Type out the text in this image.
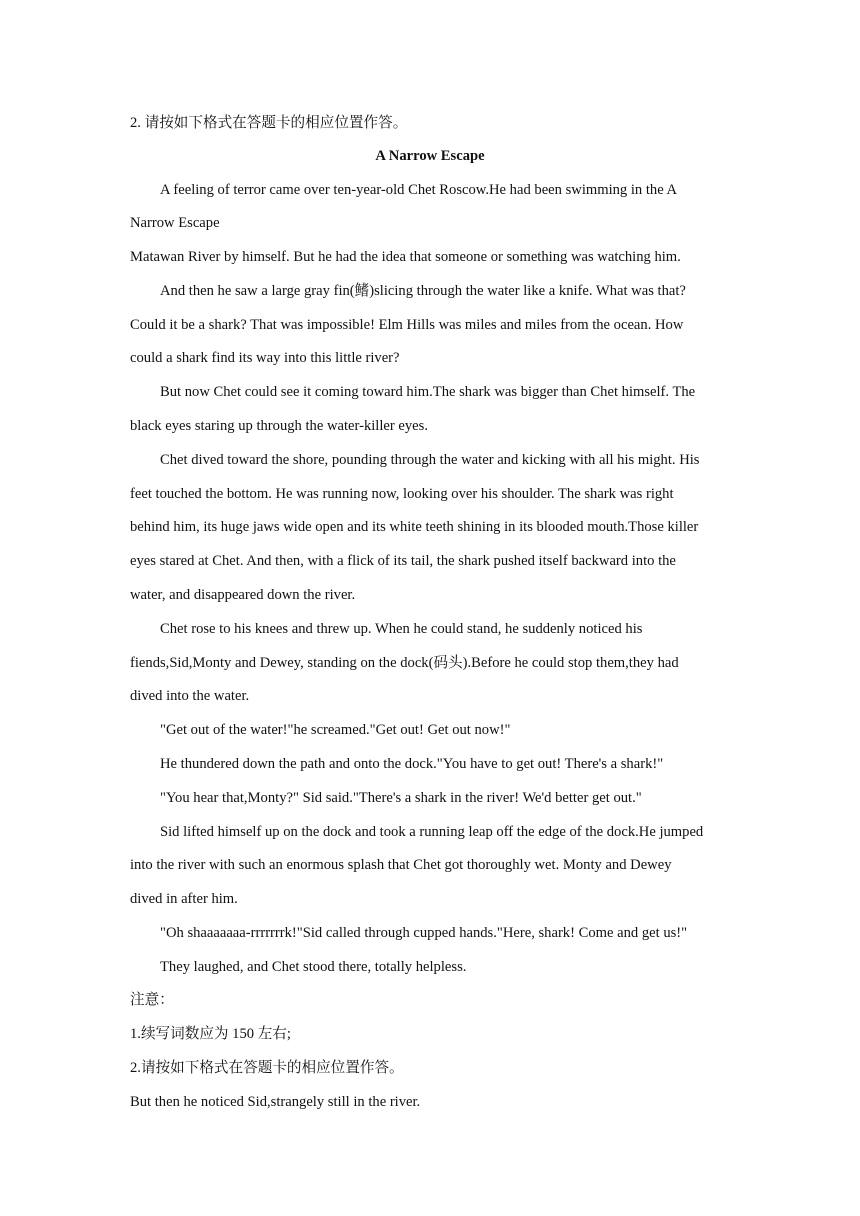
2. 请按如下格式在答题卡的相应位置作答。
A Narrow Escape
A feeling of terror came over ten-year-old Chet Roscow.He had been swimming in the A
Narrow Escape
Matawan River by himself. But he had the idea that someone or something was watching him.
And then he saw a large gray fin(鳍)slicing through the water like a knife. What was that?
Could it be a shark? That was impossible! Elm Hills was miles and miles from the ocean. How
could a shark find its way into this little river?
But now Chet could see it coming toward him.The shark was bigger than Chet himself. The
black eyes staring up through the water-killer eyes.
Chet dived toward the shore, pounding through the water and kicking with all his might. His
feet touched the bottom. He was running now, looking over his shoulder. The shark was right
behind him, its huge jaws wide open and its white teeth shining in its blooded mouth.Those killer
eyes stared at Chet. And then, with a flick of its tail, the shark pushed itself backward into the
water, and disappeared down the river.
Chet rose to his knees and threw up. When he could stand, he suddenly noticed his
fiends,Sid,Monty and Dewey, standing on the dock(码头).Before he could stop them,they had
dived into the water.
"Get out of the water!"he screamed."Get out! Get out now!"
He thundered down the path and onto the dock."You have to get out! There's a shark!"
"You hear that,Monty?" Sid said."There's a shark in the river! We'd better get out."
Sid lifted himself up on the dock and took a running leap off the edge of the dock.He jumped
into the river with such an enormous splash that Chet got thoroughly wet. Monty and Dewey
dived in after him.
"Oh shaaaaaaa-rrrrrrrk!"Sid called through cupped hands."Here, shark! Come and get us!"
They laughed, and Chet stood there, totally helpless.
注意：
1.续写词数应为 150 左右;
2.请按如下格式在答题卡的相应位置作答。
But then he noticed Sid,strangely still in the river.
